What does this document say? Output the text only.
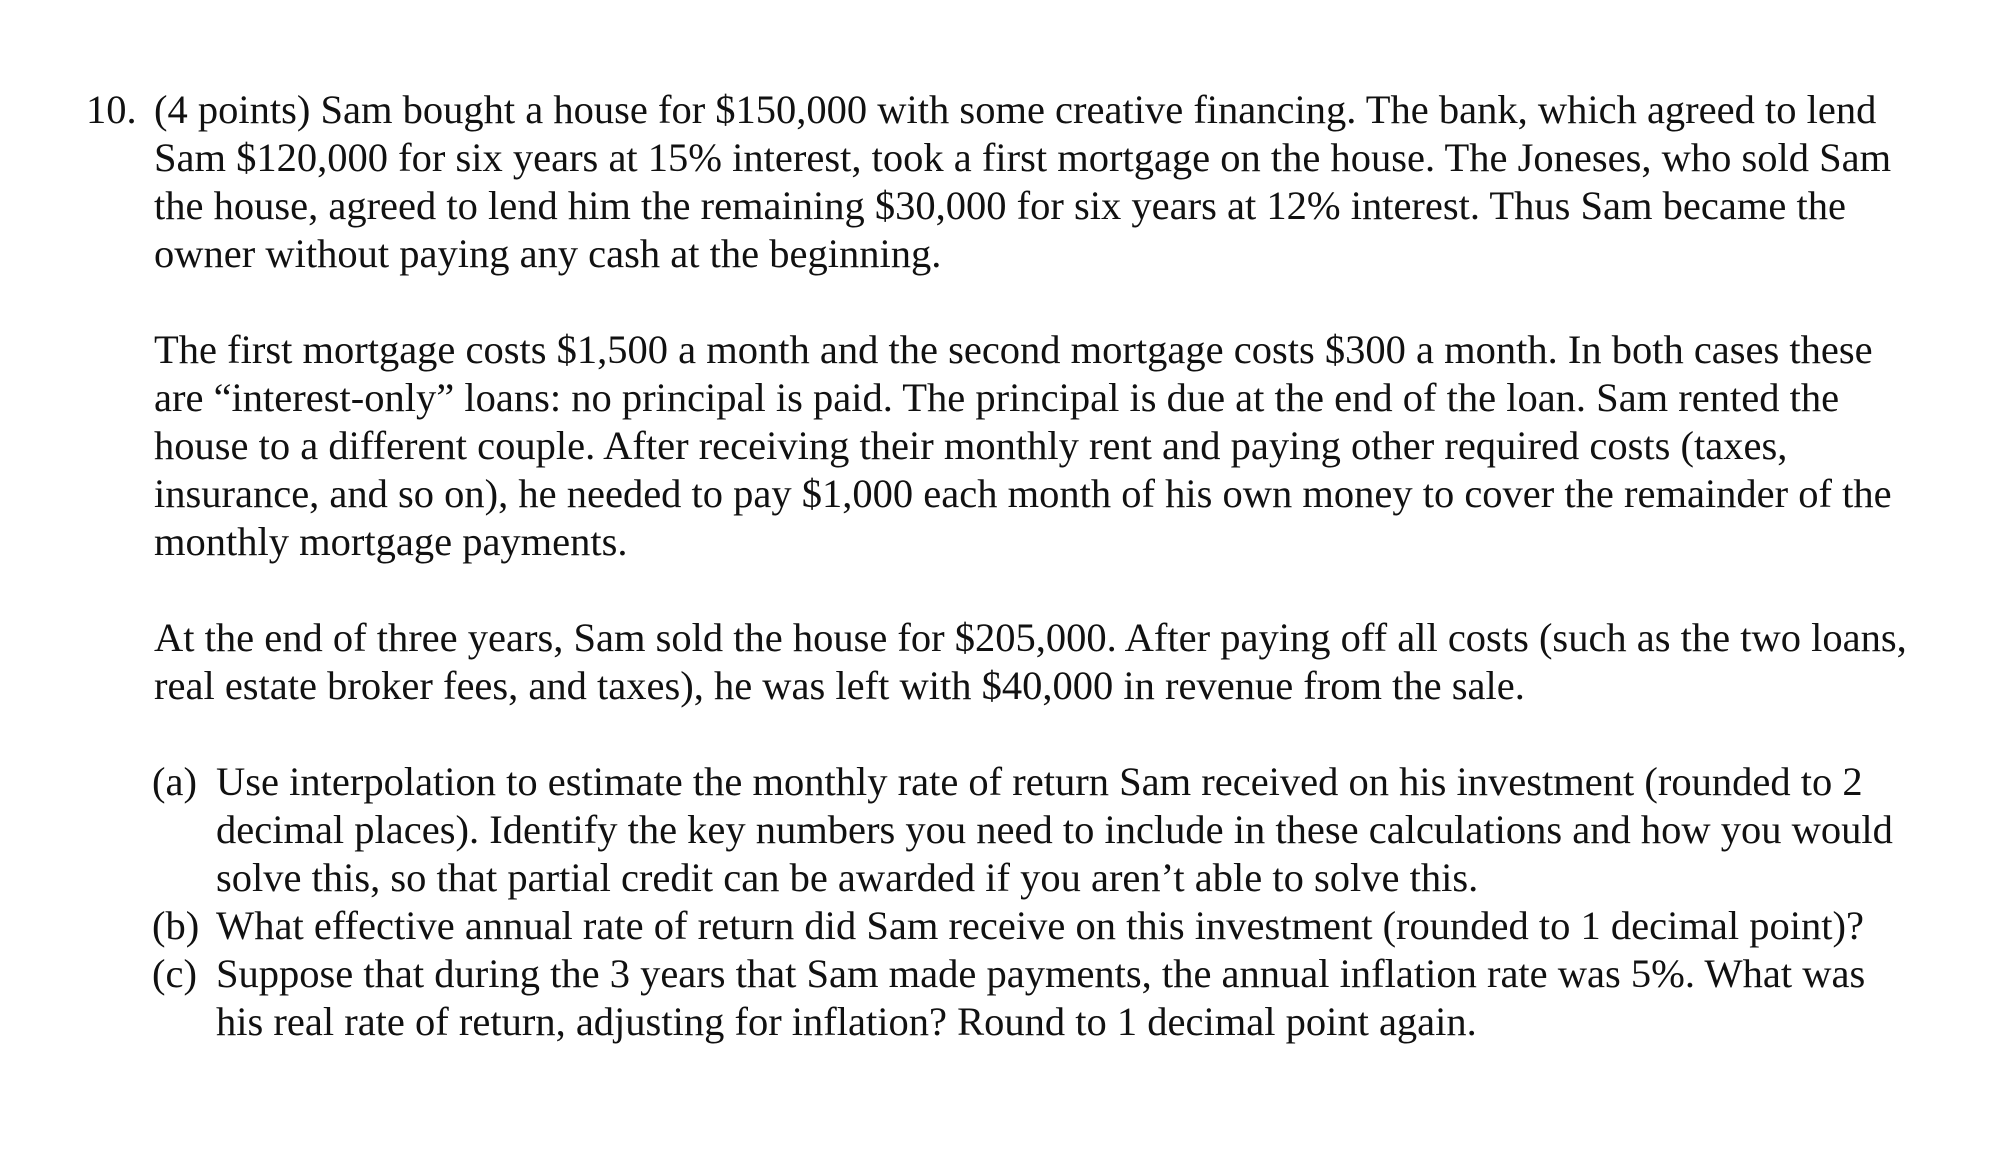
10. (4 points) Sam bought a house for $150,000 with some creative financing. The bank, which agreed to lend Sam $120,000 for six years at 15% interest, took a first mortgage on the house. The Joneses, who sold Sam the house, agreed to lend him the remaining $30,000 for six years at 12% interest. Thus Sam became the owner without paying any cash at the beginning.

The first mortgage costs $1,500 a month and the second mortgage costs $300 a month. In both cases these are “interest-only” loans: no principal is paid. The principal is due at the end of the loan. Sam rented the house to a different couple. After receiving their monthly rent and paying other required costs (taxes, insurance, and so on), he needed to pay $1,000 each month of his own money to cover the remainder of the monthly mortgage payments.

At the end of three years, Sam sold the house for $205,000. After paying off all costs (such as the two loans, real estate broker fees, and taxes), he was left with $40,000 in revenue from the sale.

(a) Use interpolation to estimate the monthly rate of return Sam received on his investment (rounded to 2 decimal places). Identify the key numbers you need to include in these calculations and how you would solve this, so that partial credit can be awarded if you aren’t able to solve this.

(b) What effective annual rate of return did Sam receive on this investment (rounded to 1 decimal point)?

(c) Suppose that during the 3 years that Sam made payments, the annual inflation rate was 5%. What was his real rate of return, adjusting for inflation? Round to 1 decimal point again.
